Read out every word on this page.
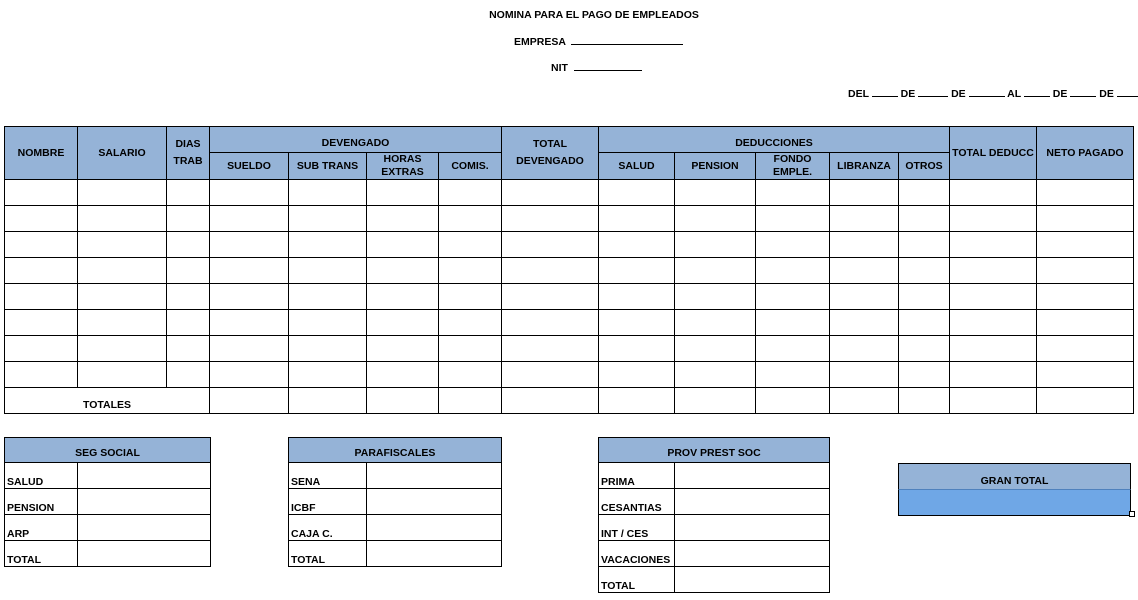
NOMINA PARA EL PAGO DE EMPLEADOS
EMPRESA
NIT
DEL	DE	DE	AL	DE	DE
NOMBRE	SALARIO	DIAS TRAB	DEVENGADO				TOTAL DEVENGADO	DEDUCCIONES					TOTAL DEDUCC	NETO PAGADO
			SUELDO	SUB TRANS	HORAS EXTRAS	COMIS.		SALUD	PENSION	FONDO EMPLE.	LIBRANZA	OTROS		

TOTALES														
SEG SOCIAL	
SALUD	
PENSION	
ARP	
TOTAL	
PARAFISCALES	
SENA	
ICBF	
CAJA C.	
TOTAL	
PROV PREST SOC	
PRIMA	
CESANTIAS	
INT / CES	
VACACIONES	
TOTAL	
GRAN TOTAL
